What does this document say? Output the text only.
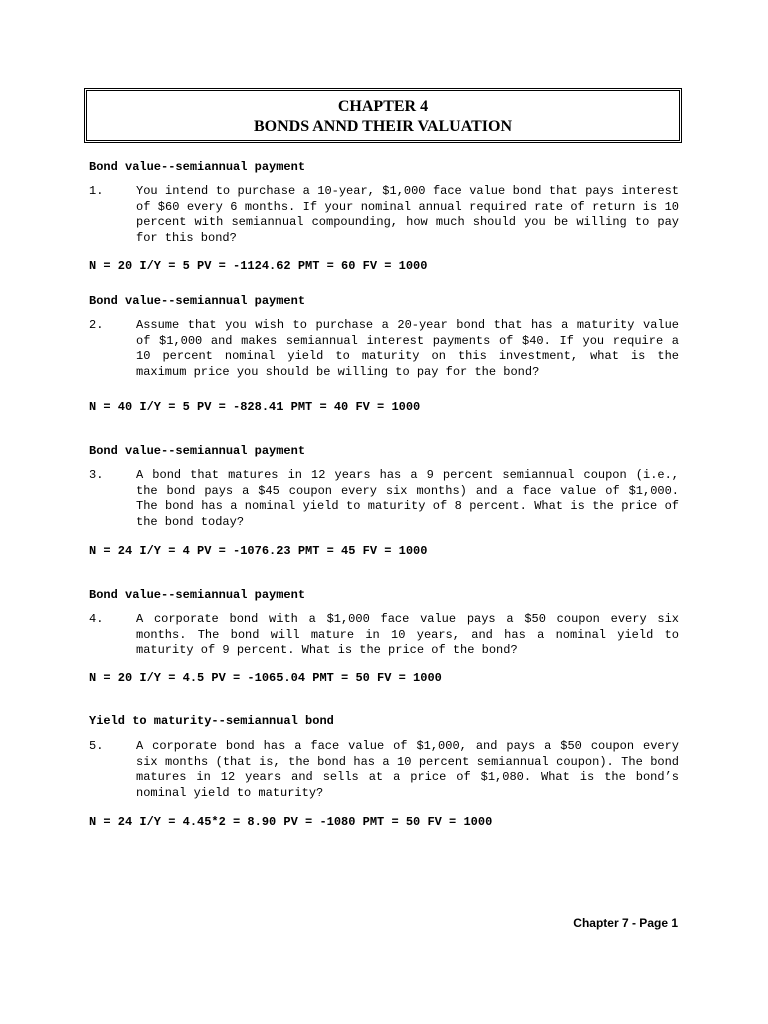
CHAPTER 4
BONDS ANND THEIR VALUATION
Bond value--semiannual payment
1.	You intend to purchase a 10-year, $1,000 face value bond that pays interest of $60 every 6 months. If your nominal annual required rate of return is 10 percent with semiannual compounding, how much should you be willing to pay for this bond?
N = 20 I/Y = 5 PV = -1124.62 PMT = 60 FV = 1000
Bond value--semiannual payment
2.	Assume that you wish to purchase a 20-year bond that has a maturity value of $1,000 and makes semiannual interest payments of $40. If you require a 10 percent nominal yield to maturity on this investment, what is the maximum price you should be willing to pay for the bond?
N = 40 I/Y = 5 PV = -828.41 PMT = 40 FV = 1000
Bond value--semiannual payment
3.	A bond that matures in 12 years has a 9 percent semiannual coupon (i.e., the bond pays a $45 coupon every six months) and a face value of $1,000. The bond has a nominal yield to maturity of 8 percent. What is the price of the bond today?
N = 24 I/Y = 4 PV = -1076.23 PMT = 45 FV = 1000
Bond value--semiannual payment
4.	A corporate bond with a $1,000 face value pays a $50 coupon every six months. The bond will mature in 10 years, and has a nominal yield to maturity of 9 percent. What is the price of the bond?
N = 20 I/Y = 4.5 PV = -1065.04 PMT = 50 FV = 1000
Yield to maturity--semiannual bond
5.	A corporate bond has a face value of $1,000, and pays a $50 coupon every six months (that is, the bond has a 10 percent semiannual coupon). The bond matures in 12 years and sells at a price of $1,080. What is the bond’s nominal yield to maturity?
N = 24 I/Y = 4.45*2 = 8.90 PV = -1080 PMT = 50 FV = 1000
Chapter 7 - Page 1
